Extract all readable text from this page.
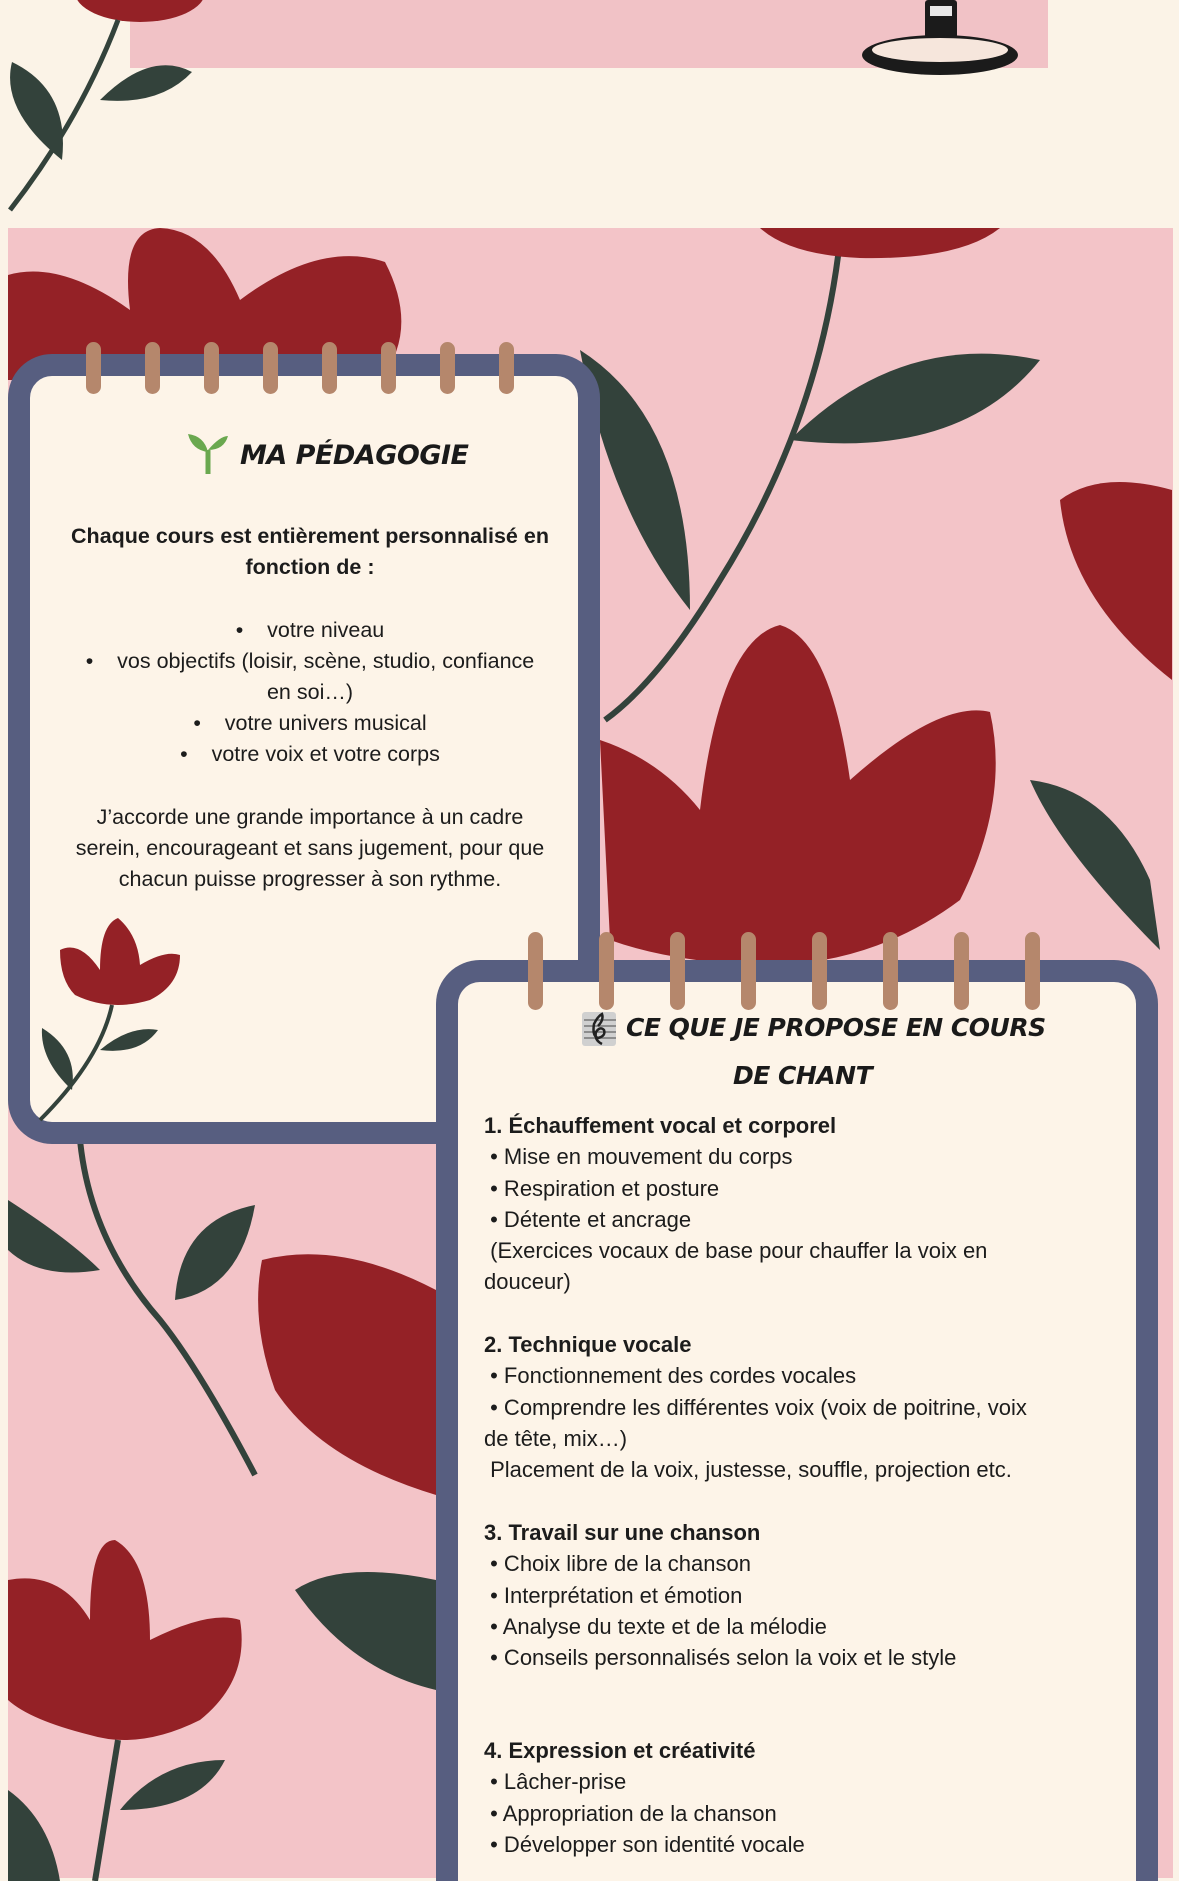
MA PÉDAGOGIE
Chaque cours est entièrement personnalisé en
fonction de :
•    votre niveau
•    vos objectifs (loisir, scène, studio, confiance
en soi…)
•    votre univers musical
•    votre voix et votre corps
J’accorde une grande importance à un cadre
serein, encourageant et sans jugement, pour que
chacun puisse progresser à son rythme.
CE QUE JE PROPOSE EN COURS
DE CHANT
1. Échauffement vocal et corporel
• Mise en mouvement du corps
• Respiration et posture
• Détente et ancrage
(Exercices vocaux de base pour chauffer la voix en
douceur)
2. Technique vocale
• Fonctionnement des cordes vocales
• Comprendre les différentes voix (voix de poitrine, voix
de tête, mix…)
Placement de la voix, justesse, souffle, projection etc.
3. Travail sur une chanson
• Choix libre de la chanson
• Interprétation et émotion
• Analyse du texte et de la mélodie
• Conseils personnalisés selon la voix et le style
4. Expression et créativité
• Lâcher-prise
• Appropriation de la chanson
• Développer son identité vocale
